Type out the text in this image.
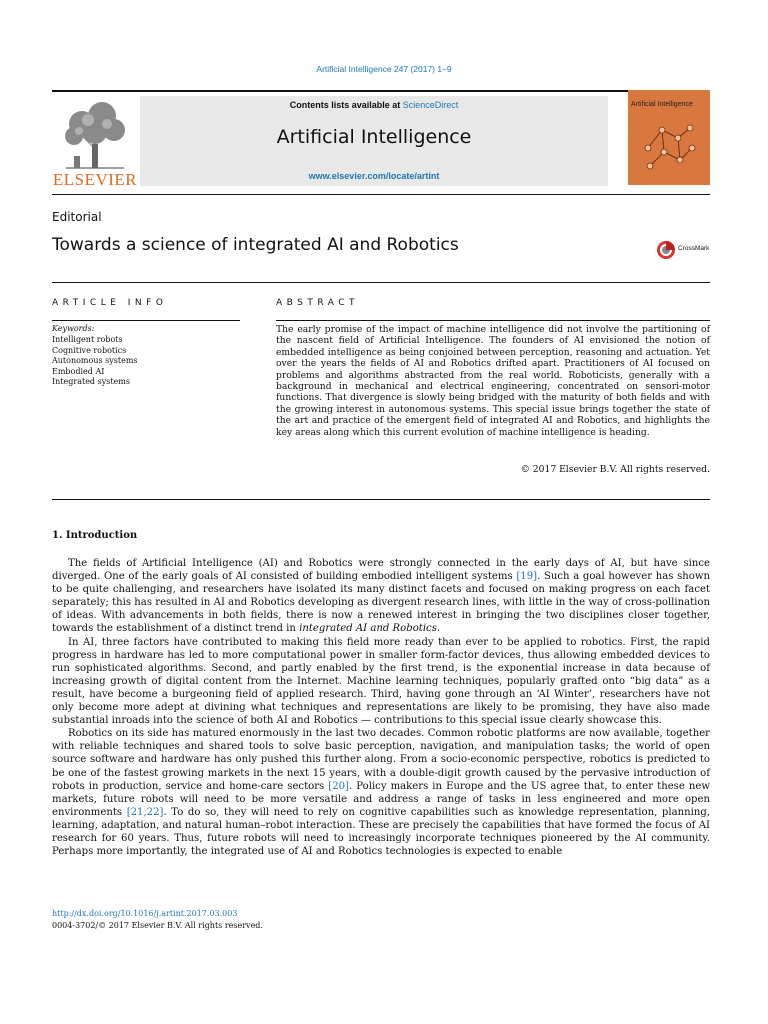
Artificial Intelligence 247 (2017) 1–9
ELSEVIER
Contents lists available at ScienceDirect
Artificial Intelligence
www.elsevier.com/locate/artint
Artificial Intelligence
Editorial
Towards a science of integrated AI and Robotics	CrossMark
ARTICLE INFO
Keywords:
Intelligent robots
Cognitive robotics
Autonomous systems
Embodied AI
Integrated systems
ABSTRACT
The early promise of the impact of machine intelligence did not involve the partitioning of the nascent field of Artificial Intelligence. The founders of AI envisioned the notion of embedded intelligence as being conjoined between perception, reasoning and actuation. Yet over the years the fields of AI and Robotics drifted apart. Practitioners of AI focused on problems and algorithms abstracted from the real world. Roboticists, generally with a background in mechanical and electrical engineering, concentrated on sensori-motor functions. That divergence is slowly being bridged with the maturity of both fields and with the growing interest in autonomous systems. This special issue brings together the state of the art and practice of the emergent field of integrated AI and Robotics, and highlights the key areas along which this current evolution of machine intelligence is heading.
© 2017 Elsevier B.V. All rights reserved.
1. Introduction

The fields of Artificial Intelligence (AI) and Robotics were strongly connected in the early days of AI, but have since diverged. One of the early goals of AI consisted of building embodied intelligent systems [19]. Such a goal however has shown to be quite challenging, and researchers have isolated its many distinct facets and focused on making progress on each facet separately; this has resulted in AI and Robotics developing as divergent research lines, with little in the way of cross-pollination of ideas. With advancements in both fields, there is now a renewed interest in bringing the two disciplines closer together, towards the establishment of a distinct trend in integrated AI and Robotics.

In AI, three factors have contributed to making this field more ready than ever to be applied to robotics. First, the rapid progress in hardware has led to more computational power in smaller form-factor devices, thus allowing embedded devices to run sophisticated algorithms. Second, and partly enabled by the first trend, is the exponential increase in data because of increasing growth of digital content from the Internet. Machine learning techniques, popularly grafted onto “big data” as a result, have become a burgeoning field of applied research. Third, having gone through an ‘AI Winter’, researchers have not only become more adept at divining what techniques and representations are likely to be promising, they have also made substantial inroads into the science of both AI and Robotics — contributions to this special issue clearly showcase this.

Robotics on its side has matured enormously in the last two decades. Common robotic platforms are now available, together with reliable techniques and shared tools to solve basic perception, navigation, and manipulation tasks; the world of open source software and hardware has only pushed this further along. From a socio-economic perspective, robotics is predicted to be one of the fastest growing markets in the next 15 years, with a double-digit growth caused by the pervasive introduction of robots in production, service and home-care sectors [20]. Policy makers in Europe and the US agree that, to enter these new markets, future robots will need to be more versatile and address a range of tasks in less engineered and more open environments [21,22]. To do so, they will need to rely on cognitive capabilities such as knowledge representation, planning, learning, adaptation, and natural human–robot interaction. These are precisely the capabilities that have formed the focus of AI research for 60 years. Thus, future robots will need to increasingly incorporate techniques pioneered by the AI community. Perhaps more importantly, the integrated use of AI and Robotics technologies is expected to enable

http://dx.doi.org/10.1016/j.artint.2017.03.003
0004-3702/© 2017 Elsevier B.V. All rights reserved.
